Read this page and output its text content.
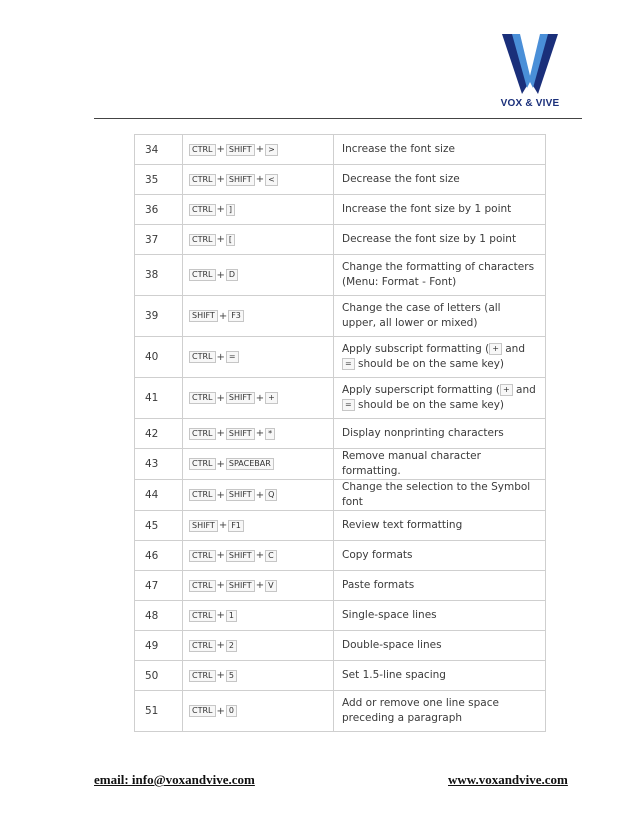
VOX & VIVE
34	CTRL + SHIFT + >	Increase the font size
35	CTRL + SHIFT + <	Decrease the font size
36	CTRL + ]	Increase the font size by 1 point
37	CTRL + [	Decrease the font size by 1 point
38	CTRL + D	Change the formatting of characters (Menu: Format - Font)
39	SHIFT + F3	Change the case of letters (all upper, all lower or mixed)
40	CTRL + =	Apply subscript formatting ( + and = should be on the same key)
41	CTRL + SHIFT + +	Apply superscript formatting ( + and = should be on the same key)
42	CTRL + SHIFT + *	Display nonprinting characters
43	CTRL + SPACEBAR	Remove manual character formatting.
44	CTRL + SHIFT + Q	Change the selection to the Symbol font
45	SHIFT + F1	Review text formatting
46	CTRL + SHIFT + C	Copy formats
47	CTRL + SHIFT + V	Paste formats
48	CTRL + 1	Single-space lines
49	CTRL + 2	Double-space lines
50	CTRL + 5	Set 1.5-line spacing
51	CTRL + 0	Add or remove one line space preceding a paragraph
email: info@voxandvive.com	www.voxandvive.com
